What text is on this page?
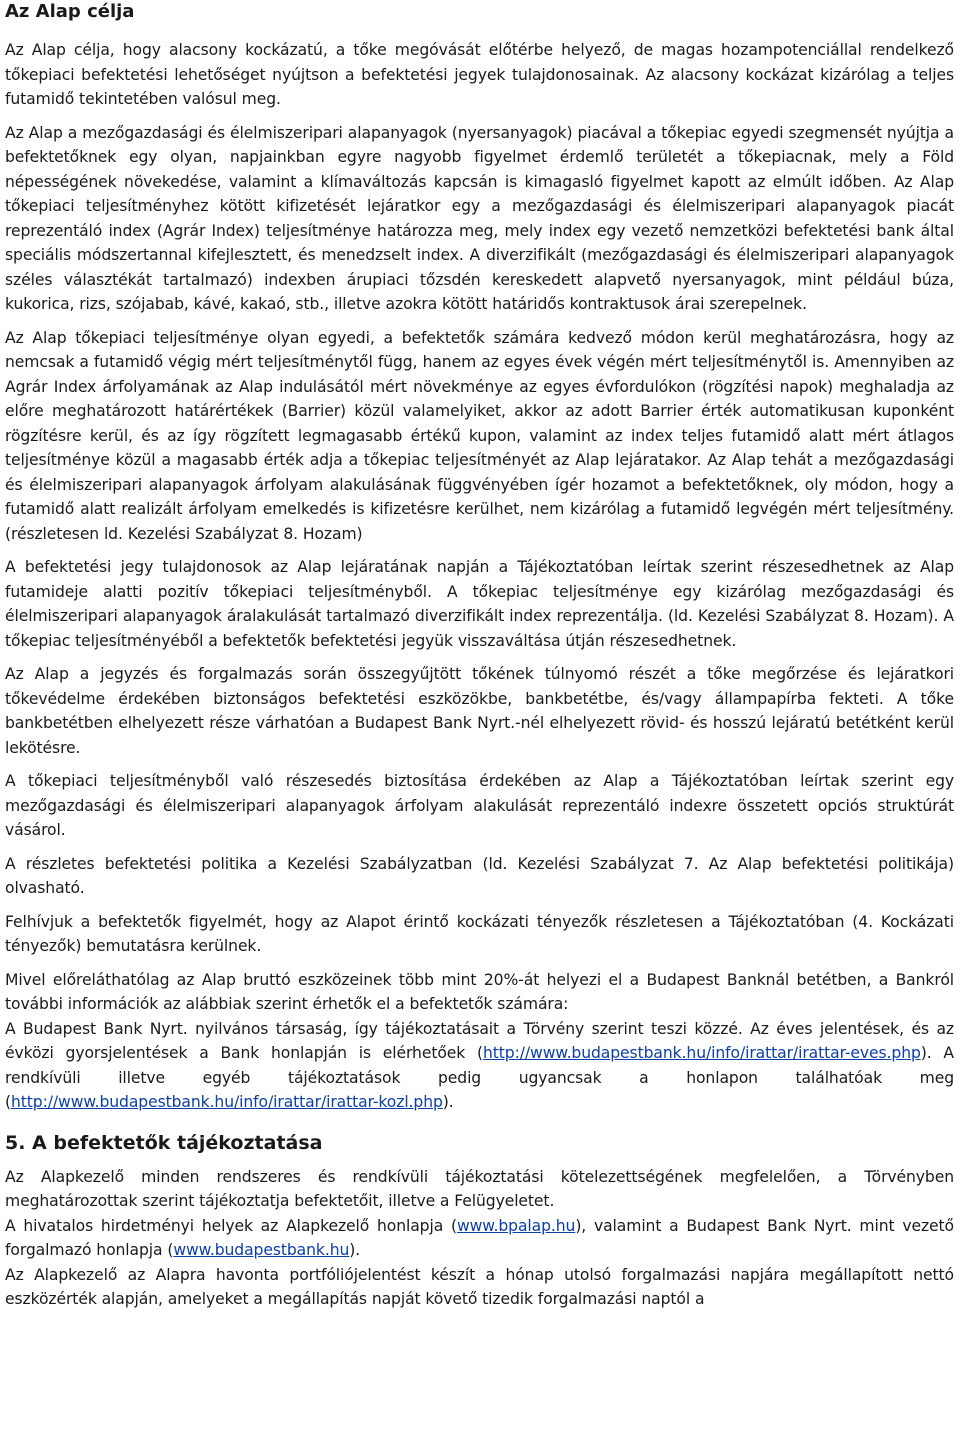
Az Alap célja

Az Alap célja, hogy alacsony kockázatú, a tőke megóvását előtérbe helyező, de magas hozampotenciállal rendelkező tőkepiaci befektetési lehetőséget nyújtson a befektetési jegyek tulajdonosainak. Az alacsony kockázat kizárólag a teljes futamidő tekintetében valósul meg.

Az Alap a mezőgazdasági és élelmiszeripari alapanyagok (nyersanyagok) piacával a tőkepiac egyedi szegmensét nyújtja a befektetőknek egy olyan, napjainkban egyre nagyobb figyelmet érdemlő területét a tőkepiacnak, mely a Föld népességének növekedése, valamint a klímaváltozás kapcsán is kimagasló figyelmet kapott az elmúlt időben. Az Alap tőkepiaci teljesítményhez kötött kifizetését lejáratkor egy a mezőgazdasági és élelmiszeripari alapanyagok piacát reprezentáló index (Agrár Index) teljesítménye határozza meg, mely index egy vezető nemzetközi befektetési bank által speciális módszertannal kifejlesztett, és menedzselt index. A diverzifikált (mezőgazdasági és élelmiszeripari alapanyagok széles választékát tartalmazó) indexben árupiaci tőzsdén kereskedett alapvető nyersanyagok, mint például búza, kukorica, rizs, szójabab, kávé, kakaó, stb., illetve azokra kötött határidős kontraktusok árai szerepelnek.

Az Alap tőkepiaci teljesítménye olyan egyedi, a befektetők számára kedvező módon kerül meghatározásra, hogy az nemcsak a futamidő végig mért teljesítménytől függ, hanem az egyes évek végén mért teljesítménytől is. Amennyiben az Agrár Index árfolyamának az Alap indulásától mért növekménye az egyes évfordulókon (rögzítési napok) meghaladja az előre meghatározott határértékek (Barrier) közül valamelyiket, akkor az adott Barrier érték automatikusan kuponként rögzítésre kerül, és az így rögzített legmagasabb értékű kupon, valamint az index teljes futamidő alatt mért átlagos teljesítménye közül a magasabb érték adja a tőkepiac teljesítményét az Alap lejáratakor. Az Alap tehát a mezőgazdasági és élelmiszeripari alapanyagok árfolyam alakulásának függvényében ígér hozamot a befektetőknek, oly módon, hogy a futamidő alatt realizált árfolyam emelkedés is kifizetésre kerülhet, nem kizárólag a futamidő legvégén mért teljesítmény. (részletesen ld. Kezelési Szabályzat 8. Hozam)

A befektetési jegy tulajdonosok az Alap lejáratának napján a Tájékoztatóban leírtak szerint részesedhetnek az Alap futamideje alatti pozitív tőkepiaci teljesítményből. A tőkepiac teljesítménye egy kizárólag mezőgazdasági és élelmiszeripari alapanyagok áralakulását tartalmazó diverzifikált index reprezentálja. (ld. Kezelési Szabályzat 8. Hozam). A tőkepiac teljesítményéből a befektetők befektetési jegyük visszaváltása útján részesedhetnek.

Az Alap a jegyzés és forgalmazás során összegyűjtött tőkének túlnyomó részét a tőke megőrzése és lejáratkori tőkevédelme érdekében biztonságos befektetési eszközökbe, bankbetétbe, és/vagy állampapírba fekteti. A tőke bankbetétben elhelyezett része várhatóan a Budapest Bank Nyrt.-nél elhelyezett rövid- és hosszú lejáratú betétként kerül lekötésre.

A tőkepiaci teljesítményből való részesedés biztosítása érdekében az Alap a Tájékoztatóban leírtak szerint egy mezőgazdasági és élelmiszeripari alapanyagok árfolyam alakulását reprezentáló indexre összetett opciós struktúrát vásárol.

A részletes befektetési politika a Kezelési Szabályzatban (ld. Kezelési Szabályzat 7. Az Alap befektetési politikája) olvasható.

Felhívjuk a befektetők figyelmét, hogy az Alapot érintő kockázati tényezők részletesen a Tájékoztatóban (4. Kockázati tényezők) bemutatásra kerülnek.

Mivel előreláthatólag az Alap bruttó eszközeinek több mint 20%-át helyezi el a Budapest Banknál betétben, a Bankról további információk az alábbiak szerint érhetők el a befektetők számára:

A Budapest Bank Nyrt. nyilvános társaság, így tájékoztatásait a Törvény szerint teszi közzé. Az éves jelentések, és az évközi gyorsjelentések a Bank honlapján is elérhetőek (http://www.budapestbank.hu/info/irattar/irattar-eves.php). A rendkívüli illetve egyéb tájékoztatások pedig ugyancsak a honlapon találhatóak meg (http://www.budapestbank.hu/info/irattar/irattar-kozl.php).

5. A befektetők tájékoztatása

Az Alapkezelő minden rendszeres és rendkívüli tájékoztatási kötelezettségének megfelelően, a Törvényben meghatározottak szerint tájékoztatja befektetőit, illetve a Felügyeletet.

A hivatalos hirdetményi helyek az Alapkezelő honlapja (www.bpalap.hu), valamint a Budapest Bank Nyrt. mint vezető forgalmazó honlapja (www.budapestbank.hu).

Az Alapkezelő az Alapra havonta portfóliójelentést készít a hónap utolsó forgalmazási napjára megállapított nettó eszközérték alapján, amelyeket a megállapítás napját követő tizedik forgalmazási naptól a
